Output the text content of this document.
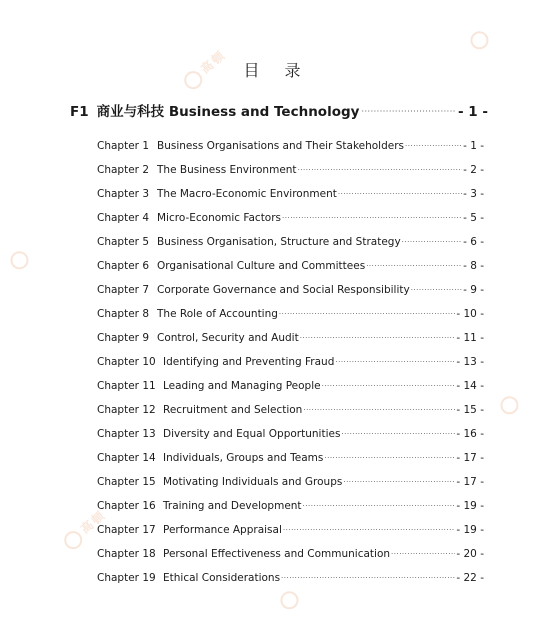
高顿
高顿
目 录
F1 商业与科技 Business and Technology ·····	- 1 -
Chapter 1 Business Organisations and Their Stakeholders ·····	- 1 -
Chapter 2 The Business Environment ·····	- 2 -
Chapter 3 The Macro-Economic Environment ·····	- 3 -
Chapter 4 Micro-Economic Factors ·····	- 5 -
Chapter 5 Business Organisation, Structure and Strategy ·····	- 6 -
Chapter 6 Organisational Culture and Committees ·····	- 8 -
Chapter 7 Corporate Governance and Social Responsibility ·····	- 9 -
Chapter 8 The Role of Accounting ·····	- 10 -
Chapter 9 Control, Security and Audit ·····	- 11 -
Chapter 10 Identifying and Preventing Fraud ·····	- 13 -
Chapter 11 Leading and Managing People ·····	- 14 -
Chapter 12 Recruitment and Selection ·····	- 15 -
Chapter 13 Diversity and Equal Opportunities ·····	- 16 -
Chapter 14 Individuals, Groups and Teams ·····	- 17 -
Chapter 15 Motivating Individuals and Groups ·····	- 17 -
Chapter 16 Training and Development ·····	- 19 -
Chapter 17 Performance Appraisal ·····	- 19 -
Chapter 18 Personal Effectiveness and Communication ·····	- 20 -
Chapter 19 Ethical Considerations ·····	- 22 -
